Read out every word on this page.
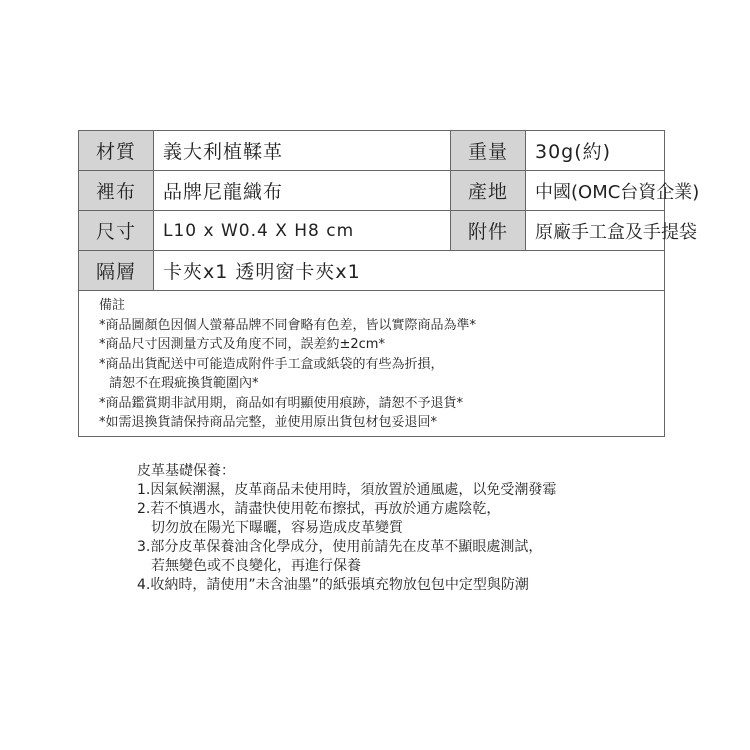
材質	義大利植鞣革	重量	30g(約)
裡布	品牌尼龍織布	產地	中國(OMC台資企業)
尺寸	L10 x W0.4 X H8 cm	附件	原廠手工盒及手提袋
隔層	卡夾x1 透明窗卡夾x1
備註
*商品圖顏色因個人螢幕品牌不同會略有色差，皆以實際商品為準*
*商品尺寸因測量方式及角度不同，誤差約±2cm*
*商品出貨配送中可能造成附件手工盒或紙袋的有些為折損，
請恕不在瑕疵換貨範圍內*
*商品鑑賞期非試用期，商品如有明顯使用痕跡，請恕不予退貨*
*如需退換貨請保持商品完整，並使用原出貨包材包妥退回*
皮革基礎保養：
1.因氣候潮濕，皮革商品未使用時，須放置於通風處，以免受潮發霉
2.若不慎遇水，請盡快使用乾布擦拭，再放於通方處陰乾，
切勿放在陽光下曝曬，容易造成皮革變質
3.部分皮革保養油含化學成分，使用前請先在皮革不顯眼處測試，
若無變色或不良變化，再進行保養
4.收納時，請使用”未含油墨”的紙張填充物放包包中定型與防潮
